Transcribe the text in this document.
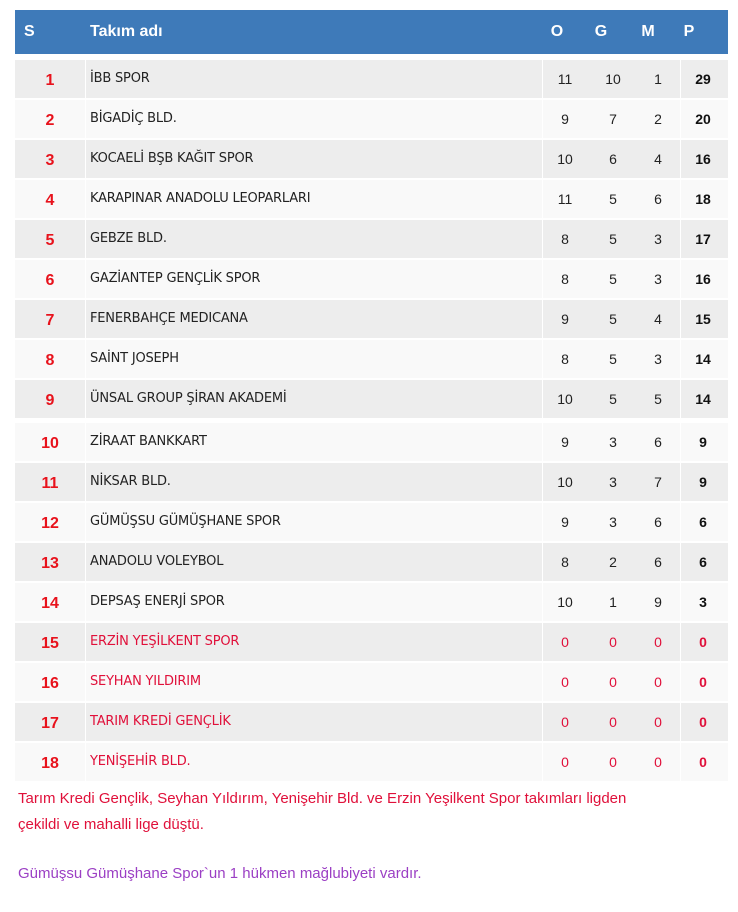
S	Takım adı	O G M P
1	İBB SPOR	11	10	1	29
2	BİGADİÇ BLD.	9	7	2	20
3	KOCAELİ BŞB KAĞIT SPOR	10	6	4	16
4	KARAPINAR ANADOLU LEOPARLARI	11	5	6	18
5	GEBZE BLD.	8	5	3	17
6	GAZİANTEP GENÇLİK SPOR	8	5	3	16
7	FENERBAHÇE MEDICANA	9	5	4	15
8	SAİNT JOSEPH	8	5	3	14
9	ÜNSAL GROUP ŞİRAN AKADEMİ	10	5	5	14
10	ZİRAAT BANKKART	9	3	6	9
11	NİKSAR BLD.	10	3	7	9
12	GÜMÜŞSU GÜMÜŞHANE SPOR	9	3	6	6
13	ANADOLU VOLEYBOL	8	2	6	6
14	DEPSAŞ ENERJİ SPOR	10	1	9	3
15	ERZİN YEŞİLKENT SPOR	0	0	0	0
16	SEYHAN YILDIRIM	0	0	0	0
17	TARIM KREDİ GENÇLİK	0	0	0	0
18	YENİŞEHİR BLD.	0	0	0	0
Tarım Kredi Gençlik, Seyhan Yıldırım, Yenişehir Bld. ve Erzin Yeşilkent Spor takımları ligden çekildi ve mahalli lige düştü.
Gümüşsu Gümüşhane Spor`un 1 hükmen mağlubiyeti vardır.
